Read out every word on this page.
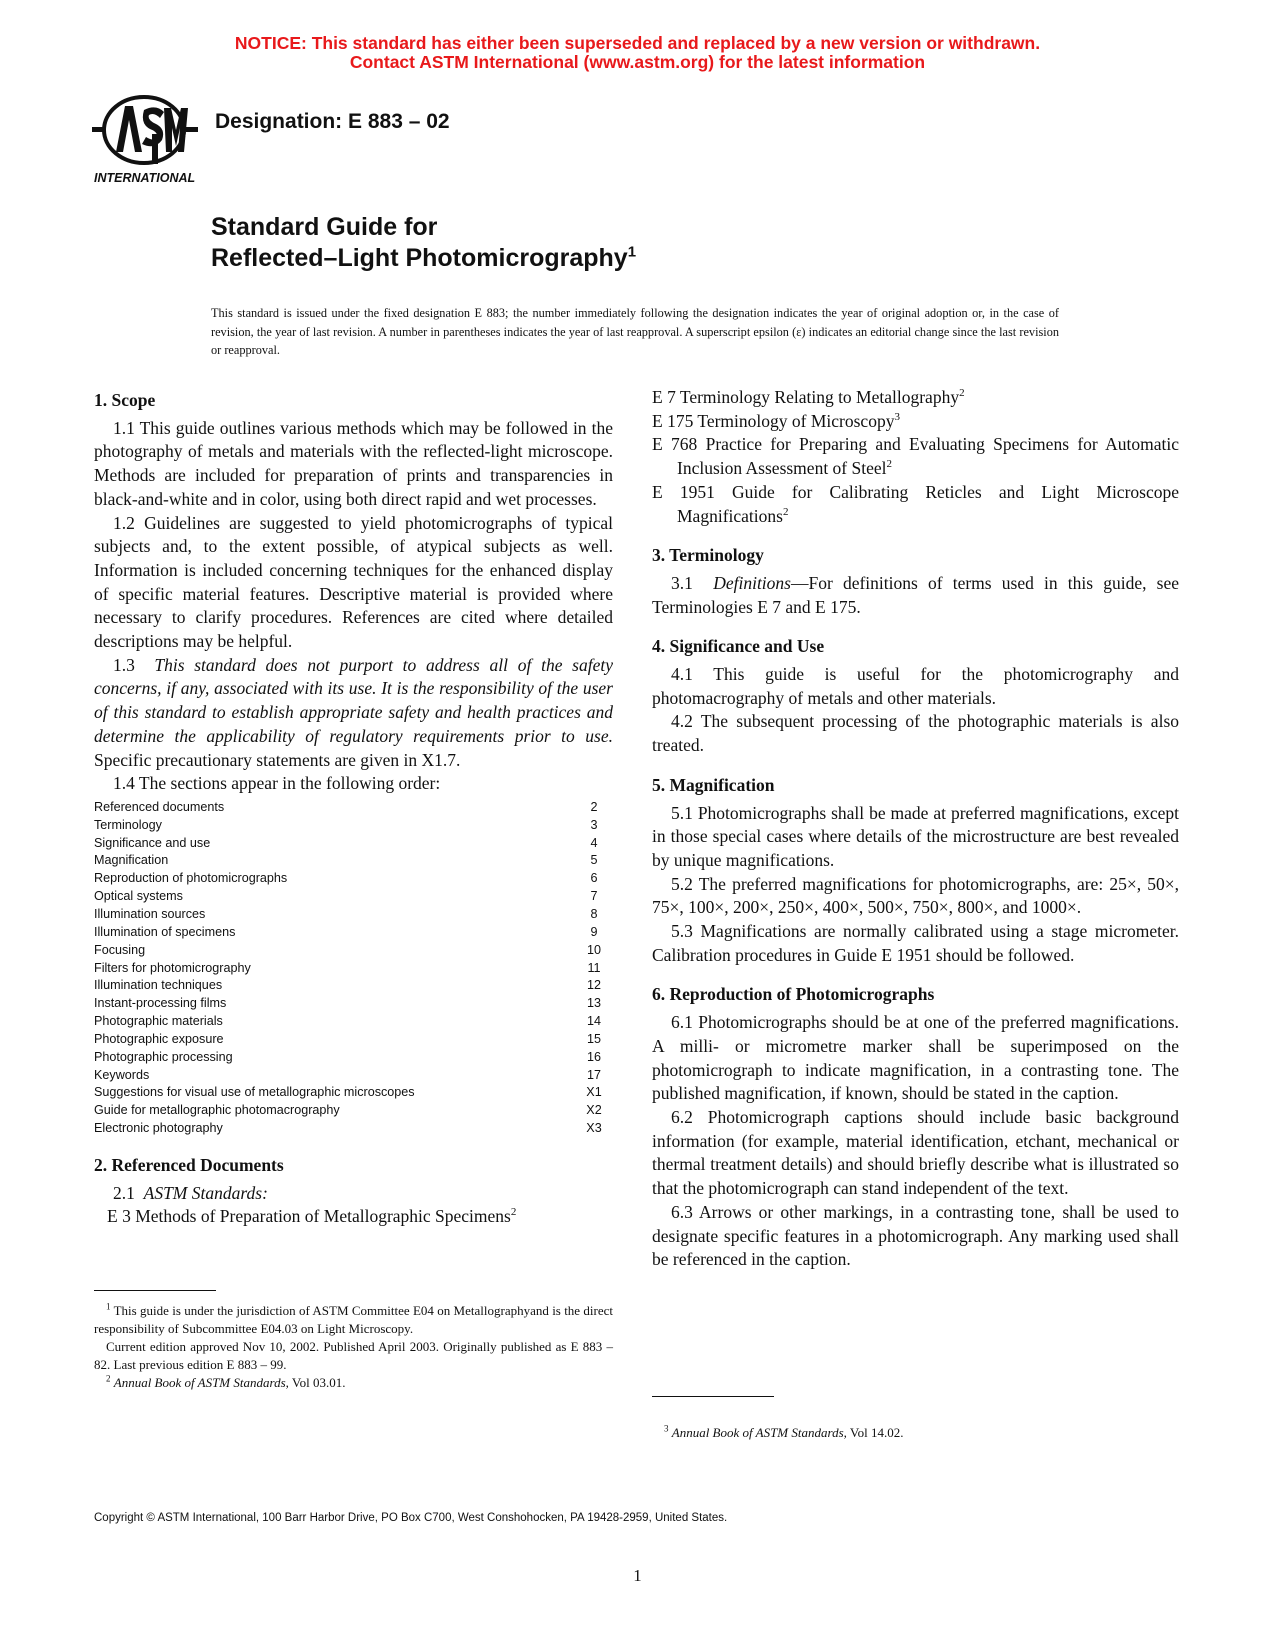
NOTICE: This standard has either been superseded and replaced by a new version or withdrawn.
Contact ASTM International (www.astm.org) for the latest information
INTERNATIONAL
Designation: E 883 – 02
Standard Guide for
Reflected–Light Photomicrography$^1$
This standard is issued under the fixed designation E 883; the number immediately following the designation indicates the year of original adoption or, in the case of revision, the year of last revision. A number in parentheses indicates the year of last reapproval. A superscript epsilon (ε) indicates an editorial change since the last revision or reapproval.

1. Scope

1.1 This guide outlines various methods which may be followed in the photography of metals and materials with the reflected-light microscope. Methods are included for preparation of prints and transparencies in black-and-white and in color, using both direct rapid and wet processes.

1.2 Guidelines are suggested to yield photomicrographs of typical subjects and, to the extent possible, of atypical subjects as well. Information is included concerning techniques for the enhanced display of specific material features. Descriptive material is provided where necessary to clarify procedures. References are cited where detailed descriptions may be helpful.

1.3 This standard does not purport to address all of the safety concerns, if any, associated with its use. It is the responsibility of the user of this standard to establish appropriate safety and health practices and determine the applicability of regulatory requirements prior to use. Specific precautionary statements are given in X1.7.

1.4 The sections appear in the following order:

Referenced documents	2
Terminology	3
Significance and use	4
Magnification	5
Reproduction of photomicrographs	6
Optical systems	7
Illumination sources	8
Illumination of specimens	9
Focusing	10
Filters for photomicrography	11
Illumination techniques	12
Instant-processing films	13
Photographic materials	14
Photographic exposure	15
Photographic processing	16
Keywords	17
Suggestions for visual use of metallographic microscopes	X1
Guide for metallographic photomacrography	X2
Electronic photography	X3

2. Referenced Documents

2.1 ASTM Standards:

E 3 Methods of Preparation of Metallographic Specimens$^2$

$^1$ This guide is under the jurisdiction of ASTM Committee E04 on Metallographyand is the direct responsibility of Subcommittee E04.03 on Light Microscopy.

Current edition approved Nov 10, 2002. Published April 2003. Originally published as E 883 – 82. Last previous edition E 883 – 99.

$^2$ Annual Book of ASTM Standards, Vol 03.01.

E 7 Terminology Relating to Metallography$^2$

E 175 Terminology of Microscopy$^3$

E 768 Practice for Preparing and Evaluating Specimens for Automatic Inclusion Assessment of Steel$^2$

E 1951 Guide for Calibrating Reticles and Light Microscope Magnifications$^2$

3. Terminology

3.1 Definitions—For definitions of terms used in this guide, see Terminologies E 7 and E 175.

4. Significance and Use

4.1 This guide is useful for the photomicrography and photomacrography of metals and other materials.

4.2 The subsequent processing of the photographic materials is also treated.

5. Magnification

5.1 Photomicrographs shall be made at preferred magnifications, except in those special cases where details of the microstructure are best revealed by unique magnifications.

5.2 The preferred magnifications for photomicrographs, are: 25×, 50×, 75×, 100×, 200×, 250×, 400×, 500×, 750×, 800×, and 1000×.

5.3 Magnifications are normally calibrated using a stage micrometer. Calibration procedures in Guide E 1951 should be followed.

6. Reproduction of Photomicrographs

6.1 Photomicrographs should be at one of the preferred magnifications. A milli- or micrometre marker shall be superimposed on the photomicrograph to indicate magnification, in a contrasting tone. The published magnification, if known, should be stated in the caption.

6.2 Photomicrograph captions should include basic background information (for example, material identification, etchant, mechanical or thermal treatment details) and should briefly describe what is illustrated so that the photomicrograph can stand independent of the text.

6.3 Arrows or other markings, in a contrasting tone, shall be used to designate specific features in a photomicrograph. Any marking used shall be referenced in the caption.

$^3$ Annual Book of ASTM Standards, Vol 14.02.

Copyright © ASTM International, 100 Barr Harbor Drive, PO Box C700, West Conshohocken, PA 19428-2959, United States.
1
